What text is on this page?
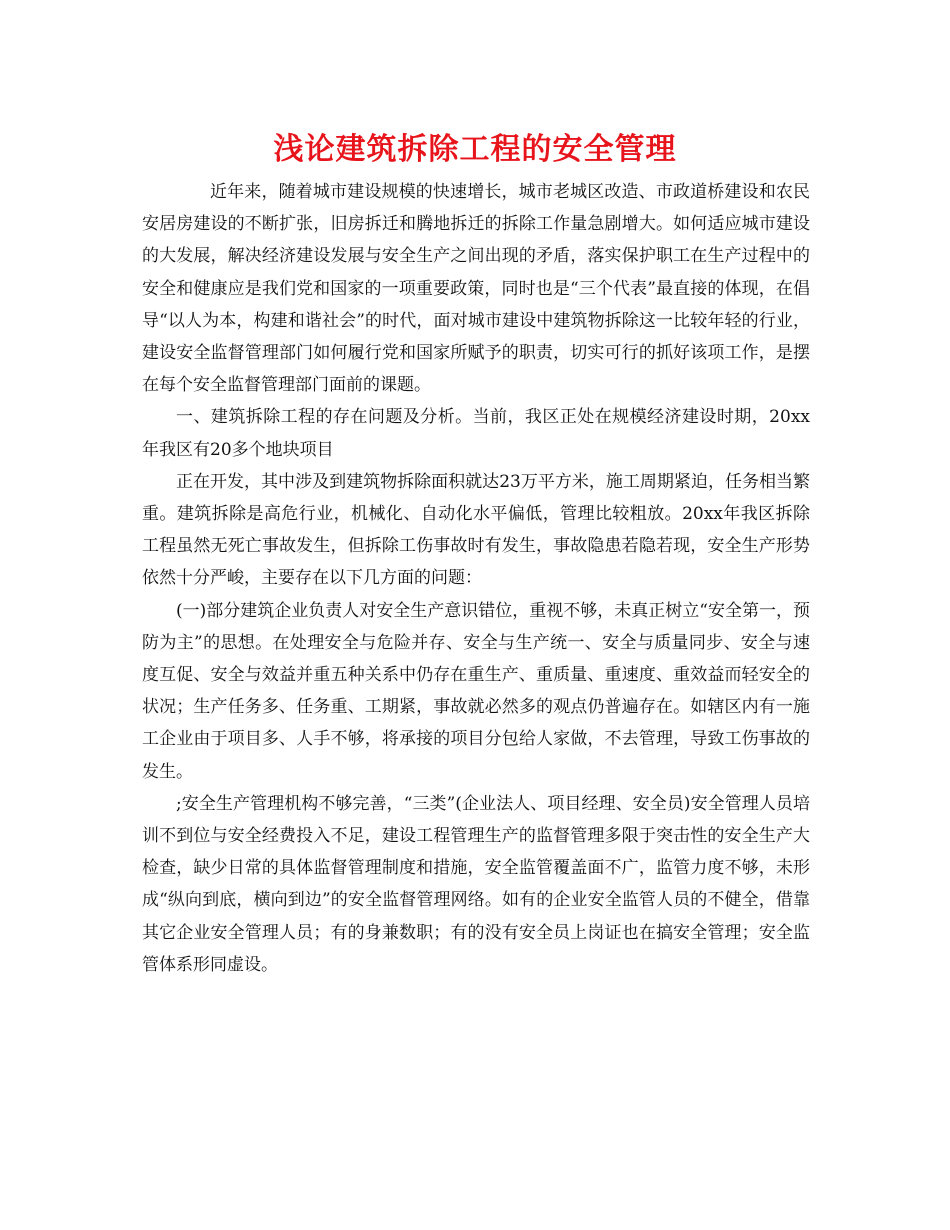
浅论建筑拆除工程的安全管理

近年来，随着城市建设规模的快速增长，城市老城区改造、市政道桥建设和农民安居房建设的不断扩张，旧房拆迁和腾地拆迁的拆除工作量急剧增大。如何适应城市建设的大发展，解决经济建设发展与安全生产之间出现的矛盾，落实保护职工在生产过程中的安全和健康应是我们党和国家的一项重要政策，同时也是“三个代表”最直接的体现，在倡导“以人为本，构建和谐社会”的时代，面对城市建设中建筑物拆除这一比较年轻的行业，建设安全监督管理部门如何履行党和国家所赋予的职责，切实可行的抓好该项工作，是摆在每个安全监督管理部门面前的课题。

一、建筑拆除工程的存在问题及分析。当前，我区正处在规模经济建设时期，20xx年我区有20多个地块项目

正在开发，其中涉及到建筑物拆除面积就达23万平方米，施工周期紧迫，任务相当繁重。建筑拆除是高危行业，机械化、自动化水平偏低，管理比较粗放。20xx年我区拆除工程虽然无死亡事故发生，但拆除工伤事故时有发生，事故隐患若隐若现，安全生产形势依然十分严峻，主要存在以下几方面的问题：

(一)部分建筑企业负责人对安全生产意识错位，重视不够，未真正树立“安全第一，预防为主”的思想。在处理安全与危险并存、安全与生产统一、安全与质量同步、安全与速度互促、安全与效益并重五种关系中仍存在重生产、重质量、重速度、重效益而轻安全的状况；生产任务多、任务重、工期紧，事故就必然多的观点仍普遍存在。如辖区内有一施工企业由于项目多、人手不够，将承接的项目分包给人家做，不去管理，导致工伤事故的发生。

;安全生产管理机构不够完善，“三类”(企业法人、项目经理、安全员)安全管理人员培训不到位与安全经费投入不足，建设工程管理生产的监督管理多限于突击性的安全生产大检查，缺少日常的具体监督管理制度和措施，安全监管覆盖面不广，监管力度不够，未形成“纵向到底，横向到边”的安全监督管理网络。如有的企业安全监管人员的不健全，借靠其它企业安全管理人员；有的身兼数职；有的没有安全员上岗证也在搞安全管理；安全监管体系形同虚设。
